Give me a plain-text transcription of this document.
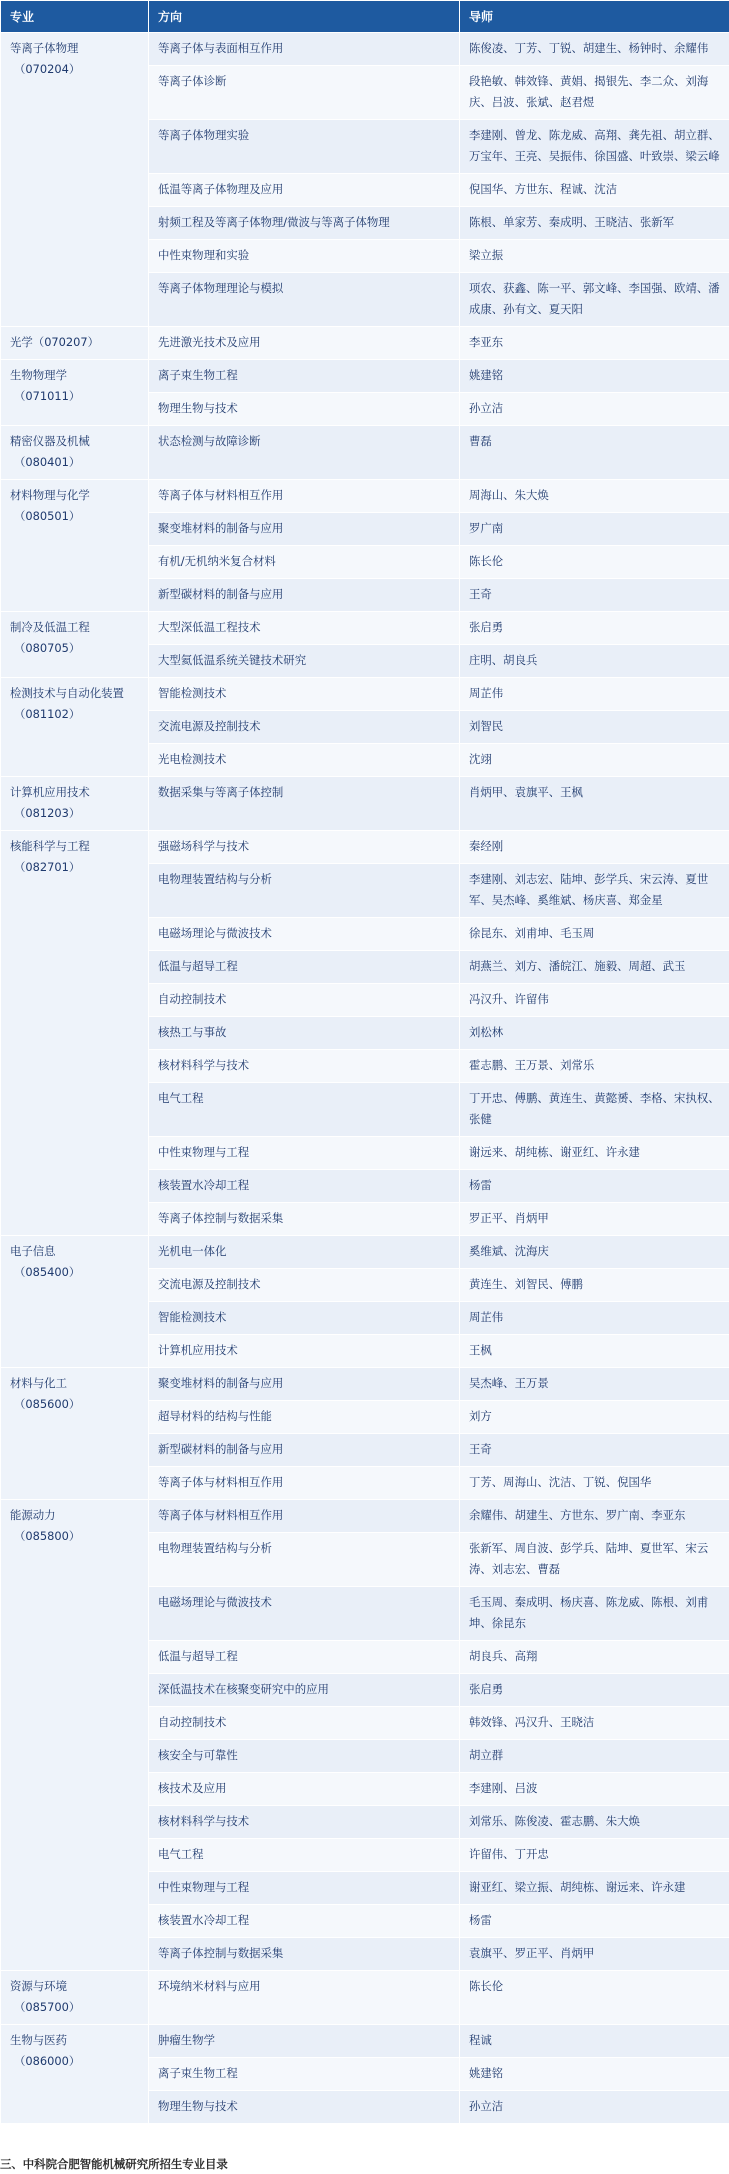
专业	方向	导师
等离子体物理
（070204）	等离子体与表面相互作用	陈俊凌、丁芳、丁锐、胡建生、杨钟时、余耀伟
	等离子体诊断	段艳敏、韩效锋、黄娟、揭银先、李二众、刘海庆、吕波、张斌、赵君煜
	等离子体物理实验	李建刚、曾龙、陈龙威、高翔、龚先祖、胡立群、万宝年、王亮、吴振伟、徐国盛、叶致崇、梁云峰
	低温等离子体物理及应用	倪国华、方世东、程诚、沈洁
	射频工程及等离子体物理/微波与等离子体物理	陈根、单家芳、秦成明、王晓洁、张新军
	中性束物理和实验	梁立振
	等离子体物理理论与模拟	项农、获鑫、陈一平、郭文峰、李国强、欧靖、潘成康、孙有文、夏天阳
光学（070207）	先进激光技术及应用	李亚东
生物物理学
（071011）	离子束生物工程	姚建铭
	物理生物与技术	孙立洁
精密仪器及机械
（080401）	状态检测与故障诊断	曹磊
材料物理与化学
（080501）	等离子体与材料相互作用	周海山、朱大焕
	聚变堆材料的制备与应用	罗广南
	有机/无机纳米复合材料	陈长伦
	新型碳材料的制备与应用	王奇
制冷及低温工程
（080705）	大型深低温工程技术	张启勇
	大型氦低温系统关键技术研究	庄明、胡良兵
检测技术与自动化装置
（081102）	智能检测技术	周芷伟
	交流电源及控制技术	刘智民
	光电检测技术	沈翊
计算机应用技术
（081203）	数据采集与等离子体控制	肖炳甲、袁旗平、王枫
核能科学与工程
（082701）	强磁场科学与技术	秦经刚
	电物理装置结构与分析	李建刚、刘志宏、陆坤、彭学兵、宋云涛、夏世军、吴杰峰、奚维斌、杨庆喜、郑金星
	电磁场理论与微波技术	徐昆东、刘甫坤、毛玉周
	低温与超导工程	胡燕兰、刘方、潘皖江、施毅、周超、武玉
	自动控制技术	冯汉升、许留伟
	核热工与事故	刘松林
	核材料科学与技术	霍志鹏、王万景、刘常乐
	电气工程	丁开忠、傅鹏、黄连生、黄懿赟、李格、宋执权、张健
	中性束物理与工程	谢远来、胡纯栋、谢亚红、许永建
	核装置水冷却工程	杨雷
	等离子体控制与数据采集	罗正平、肖炳甲
电子信息
（085400）	光机电一体化	奚维斌、沈海庆
	交流电源及控制技术	黄连生、刘智民、傅鹏
	智能检测技术	周芷伟
	计算机应用技术	王枫
材料与化工
（085600）	聚变堆材料的制备与应用	吴杰峰、王万景
	超导材料的结构与性能	刘方
	新型碳材料的制备与应用	王奇
	等离子体与材料相互作用	丁芳、周海山、沈洁、丁锐、倪国华
能源动力
（085800）	等离子体与材料相互作用	余耀伟、胡建生、方世东、罗广南、李亚东
	电物理装置结构与分析	张新军、周自波、彭学兵、陆坤、夏世军、宋云涛、刘志宏、曹磊
	电磁场理论与微波技术	毛玉周、秦成明、杨庆喜、陈龙威、陈根、刘甫坤、徐昆东
	低温与超导工程	胡良兵、高翔
	深低温技术在核聚变研究中的应用	张启勇
	自动控制技术	韩效锋、冯汉升、王晓洁
	核安全与可靠性	胡立群
	核技术及应用	李建刚、吕波
	核材料科学与技术	刘常乐、陈俊凌、霍志鹏、朱大焕
	电气工程	许留伟、丁开忠
	中性束物理与工程	谢亚红、梁立振、胡纯栋、谢远来、许永建
	核装置水冷却工程	杨雷
	等离子体控制与数据采集	袁旗平、罗正平、肖炳甲
资源与环境
（085700）	环境纳米材料与应用	陈长伦
生物与医药
（086000）	肿瘤生物学	程诚
	离子束生物工程	姚建铭
	物理生物与技术	孙立洁
三、中科院合肥智能机械研究所招生专业目录
